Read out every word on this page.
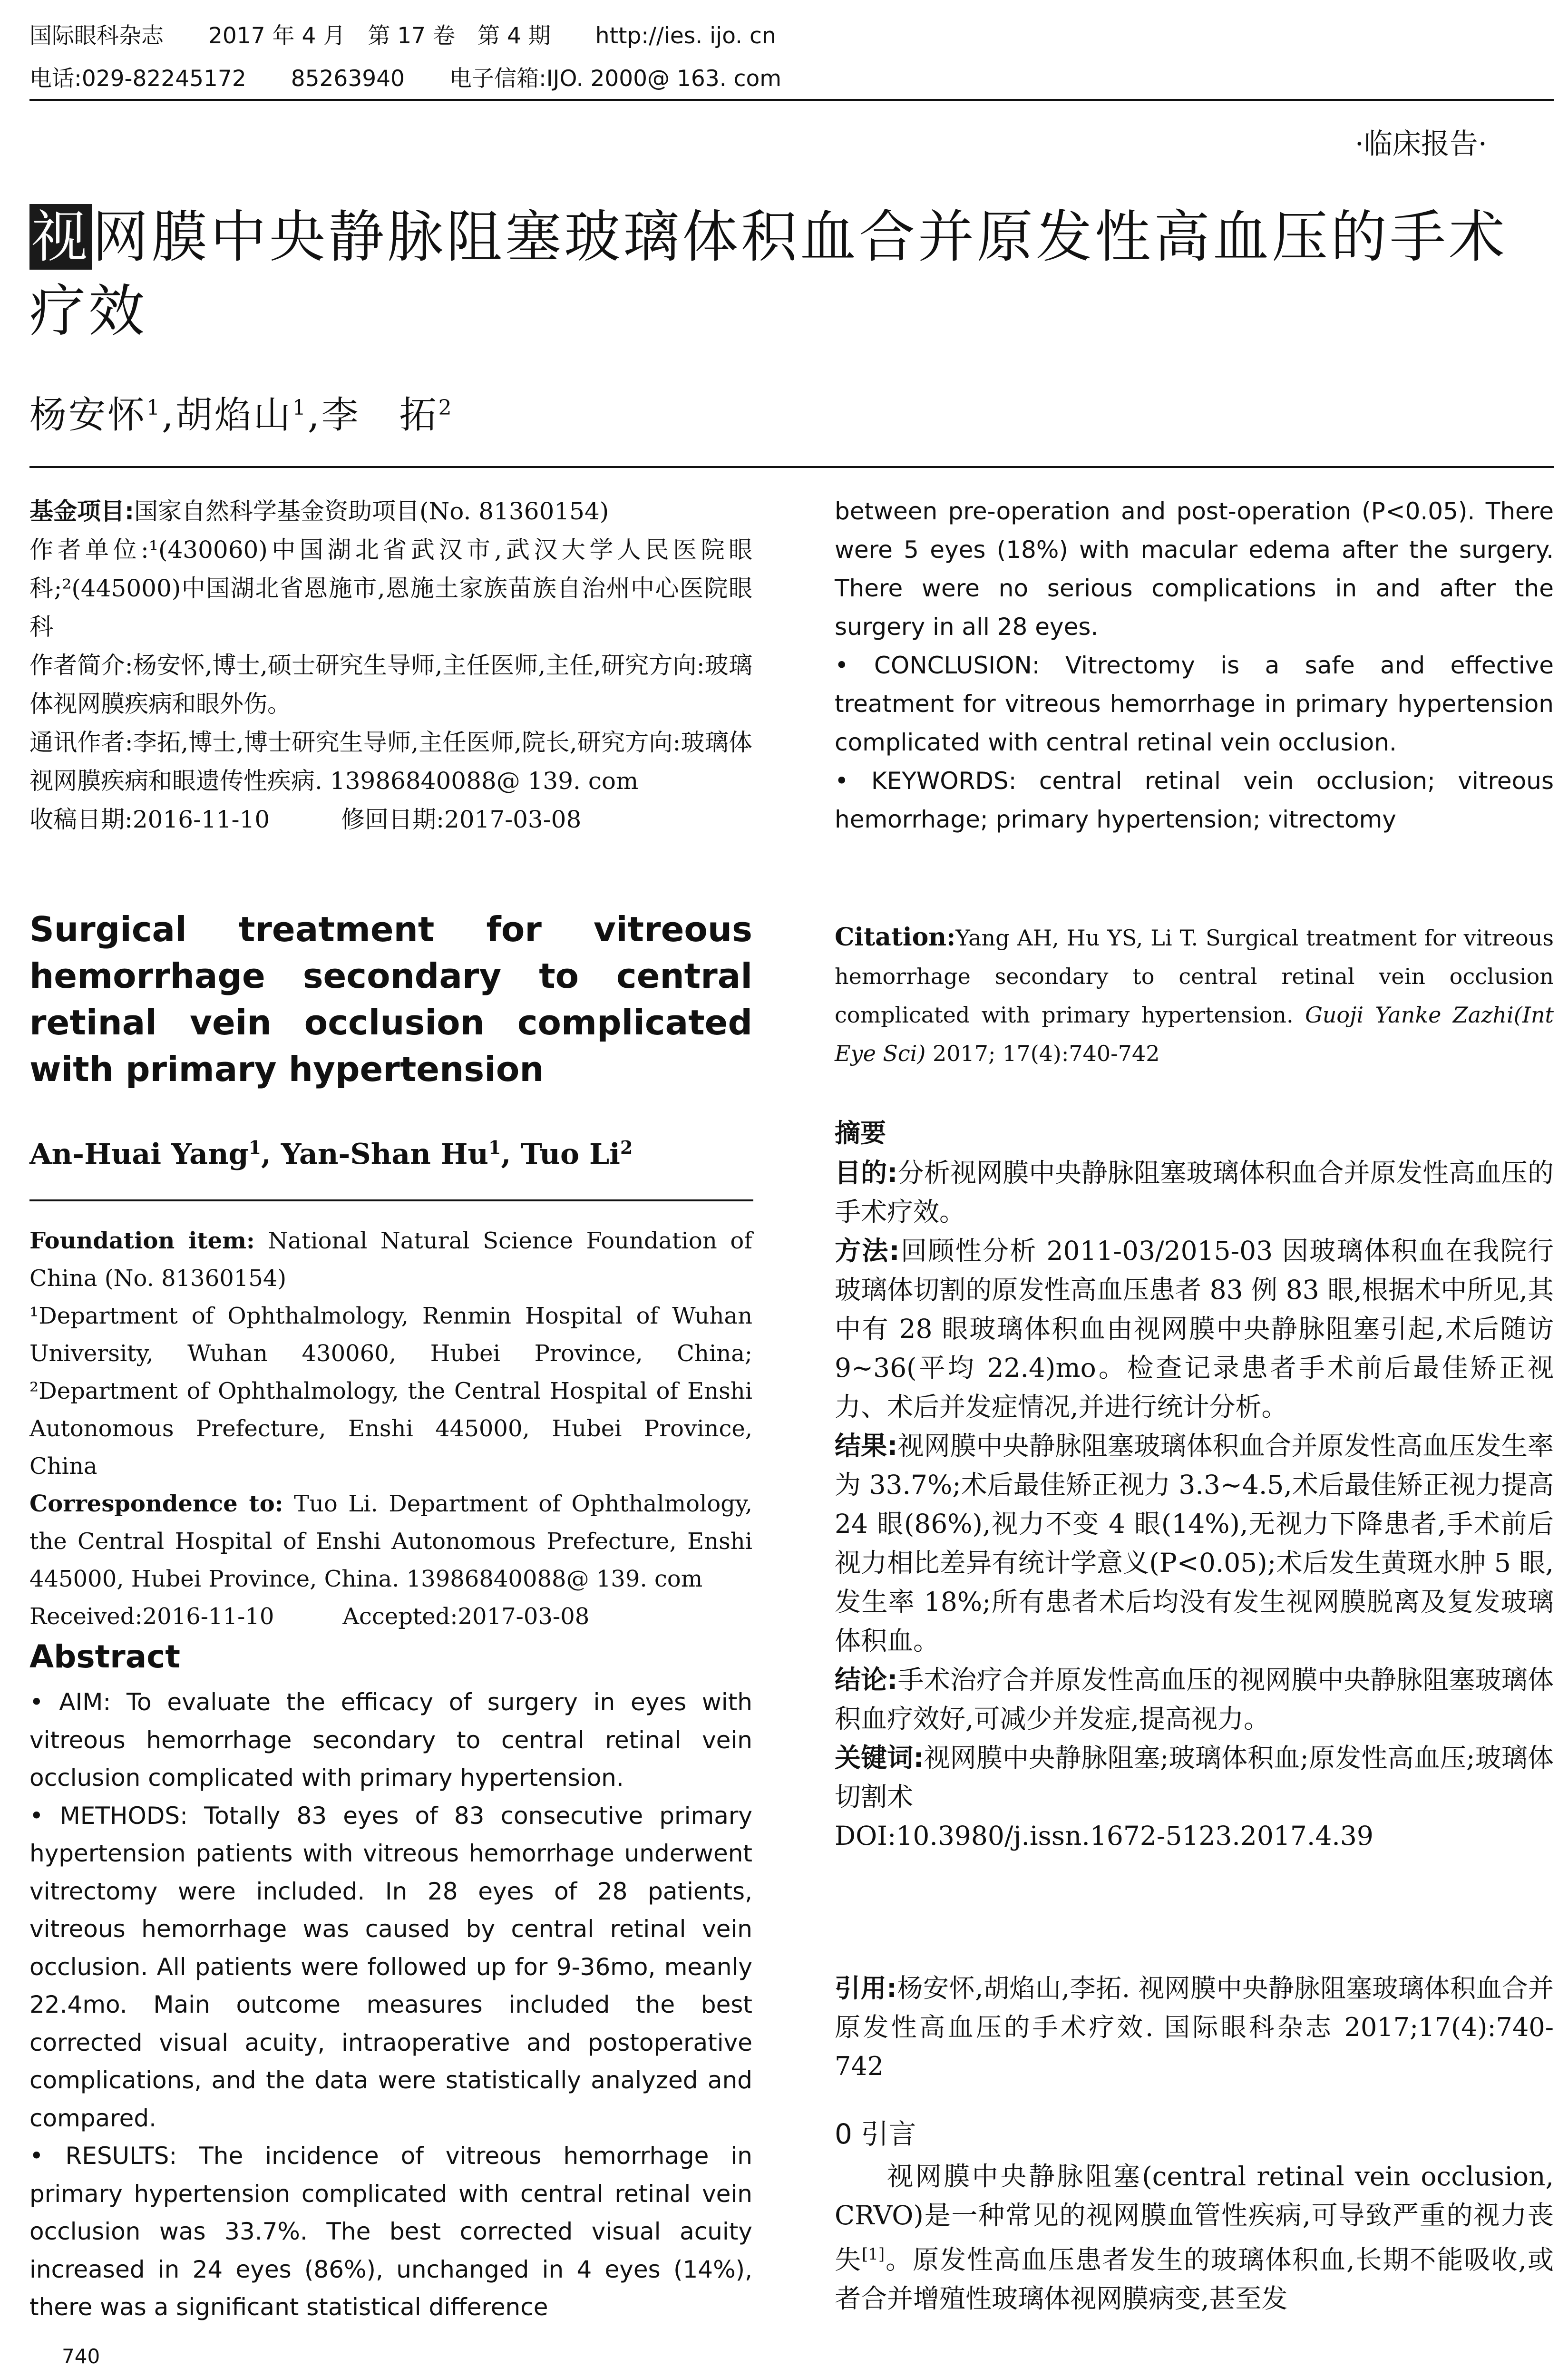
国际眼科杂志　　2017 年 4 月　第 17 卷　第 4 期　　http://ies. ijo. cn
电话:029-82245172　　85263940　　电子信箱:IJO. 2000@ 163. com
·临床报告·
视网膜中央静脉阻塞玻璃体积血合并原发性高血压的手术疗效
杨安怀$^1$,胡焰山$^1$,李　拓$^2$

基金项目:国家自然科学基金资助项目(No. 81360154)

作者单位:¹(430060)中国湖北省武汉市,武汉大学人民医院眼科;²(445000)中国湖北省恩施市,恩施土家族苗族自治州中心医院眼科

作者简介:杨安怀,博士,硕士研究生导师,主任医师,主任,研究方向:玻璃体视网膜疾病和眼外伤。

通讯作者:李拓,博士,博士研究生导师,主任医师,院长,研究方向:玻璃体视网膜疾病和眼遗传性疾病. 13986840088@ 139. com

收稿日期:2016-11-10　　　修回日期:2017-03-08

Surgical treatment for vitreous hemorrhage secondary to central retinal vein occlusion complicated with primary hypertension
An-Huai Yang$^1$, Yan-Shan Hu$^1$, Tuo Li$^2$

Foundation item: National Natural Science Foundation of China (No. 81360154)

¹Department of Ophthalmology, Renmin Hospital of Wuhan University, Wuhan 430060, Hubei Province, China; ²Department of Ophthalmology, the Central Hospital of Enshi Autonomous Prefecture, Enshi 445000, Hubei Province, China

Correspondence to: Tuo Li. Department of Ophthalmology, the Central Hospital of Enshi Autonomous Prefecture, Enshi 445000, Hubei Province, China. 13986840088@ 139. com

Received:2016-11-10　　　Accepted:2017-03-08

Abstract

• AIM: To evaluate the efficacy of surgery in eyes with vitreous hemorrhage secondary to central retinal vein occlusion complicated with primary hypertension.

• METHODS: Totally 83 eyes of 83 consecutive primary hypertension patients with vitreous hemorrhage underwent vitrectomy were included. In 28 eyes of 28 patients, vitreous hemorrhage was caused by central retinal vein occlusion. All patients were followed up for 9-36mo, meanly 22.4mo. Main outcome measures included the best corrected visual acuity, intraoperative and postoperative complications, and the data were statistically analyzed and compared.

• RESULTS: The incidence of vitreous hemorrhage in primary hypertension complicated with central retinal vein occlusion was 33.7%. The best corrected visual acuity increased in 24 eyes (86%), unchanged in 4 eyes (14%), there was a significant statistical difference

740

between pre-operation and post-operation (P<0.05). There were 5 eyes (18%) with macular edema after the surgery. There were no serious complications in and after the surgery in all 28 eyes.

• CONCLUSION: Vitrectomy is a safe and effective treatment for vitreous hemorrhage in primary hypertension complicated with central retinal vein occlusion.

• KEYWORDS: central retinal vein occlusion; vitreous hemorrhage; primary hypertension; vitrectomy

Citation:Yang AH, Hu YS, Li T. Surgical treatment for vitreous hemorrhage secondary to central retinal vein occlusion complicated with primary hypertension. Guoji Yanke Zazhi(Int Eye Sci) 2017; 17(4):740-742
摘要

目的:分析视网膜中央静脉阻塞玻璃体积血合并原发性高血压的手术疗效。

方法:回顾性分析 2011-03/2015-03 因玻璃体积血在我院行玻璃体切割的原发性高血压患者 83 例 83 眼,根据术中所见,其中有 28 眼玻璃体积血由视网膜中央静脉阻塞引起,术后随访 9~36(平均 22.4)mo。检查记录患者手术前后最佳矫正视力、术后并发症情况,并进行统计分析。

结果:视网膜中央静脉阻塞玻璃体积血合并原发性高血压发生率为 33.7%;术后最佳矫正视力 3.3~4.5,术后最佳矫正视力提高 24 眼(86%),视力不变 4 眼(14%),无视力下降患者,手术前后视力相比差异有统计学意义(P<0.05);术后发生黄斑水肿 5 眼,发生率 18%;所有患者术后均没有发生视网膜脱离及复发玻璃体积血。

结论:手术治疗合并原发性高血压的视网膜中央静脉阻塞玻璃体积血疗效好,可减少并发症,提高视力。

关键词:视网膜中央静脉阻塞;玻璃体积血;原发性高血压;玻璃体切割术

DOI:10.3980/j.issn.1672-5123.2017.4.39

引用:杨安怀,胡焰山,李拓. 视网膜中央静脉阻塞玻璃体积血合并原发性高血压的手术疗效. 国际眼科杂志 2017;17(4):740-742
0 引言
视网膜中央静脉阻塞(central retinal vein occlusion, CRVO)是一种常见的视网膜血管性疾病,可导致严重的视力丧失[1]。原发性高血压患者发生的玻璃体积血,长期不能吸收,或者合并增殖性玻璃体视网膜病变,甚至发
